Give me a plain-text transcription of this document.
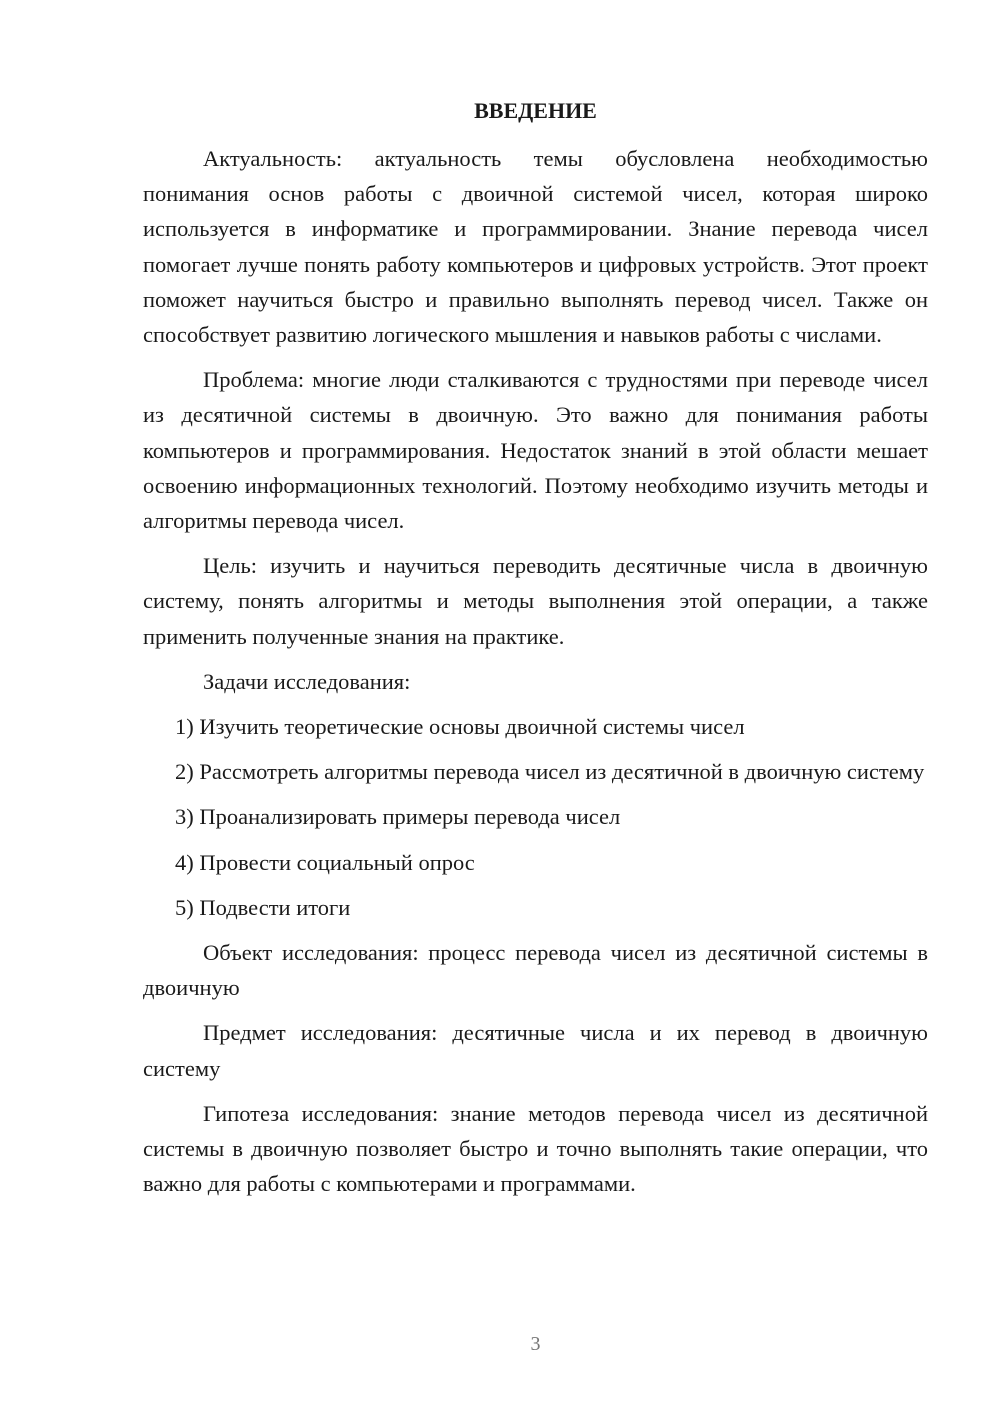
ВВЕДЕНИЕ

Актуальность: актуальность темы обусловлена необходимостью понимания основ работы с двоичной системой чисел, которая широко используется в информатике и программировании. Знание перевода чисел помогает лучше понять работу компьютеров и цифровых устройств. Этот проект поможет научиться быстро и правильно выполнять перевод чисел. Также он способствует развитию логического мышления и навыков работы с числами.

Проблема: многие люди сталкиваются с трудностями при переводе чисел из десятичной системы в двоичную. Это важно для понимания работы компьютеров и программирования. Недостаток знаний в этой области мешает освоению информационных технологий. Поэтому необходимо изучить методы и алгоритмы перевода чисел.

Цель: изучить и научиться переводить десятичные числа в двоичную систему, понять алгоритмы и методы выполнения этой операции, а также применить полученные знания на практике.

Задачи исследования:

1) Изучить теоретические основы двоичной системы чисел

2) Рассмотреть алгоритмы перевода чисел из десятичной в двоичную систему

3) Проанализировать примеры перевода чисел

4) Провести социальный опрос

5) Подвести итоги

Объект исследования: процесс перевода чисел из десятичной системы в двоичную

Предмет исследования: десятичные числа и их перевод в двоичную систему

Гипотеза исследования: знание методов перевода чисел из десятичной системы в двоичную позволяет быстро и точно выполнять такие операции, что важно для работы с компьютерами и программами.

3
